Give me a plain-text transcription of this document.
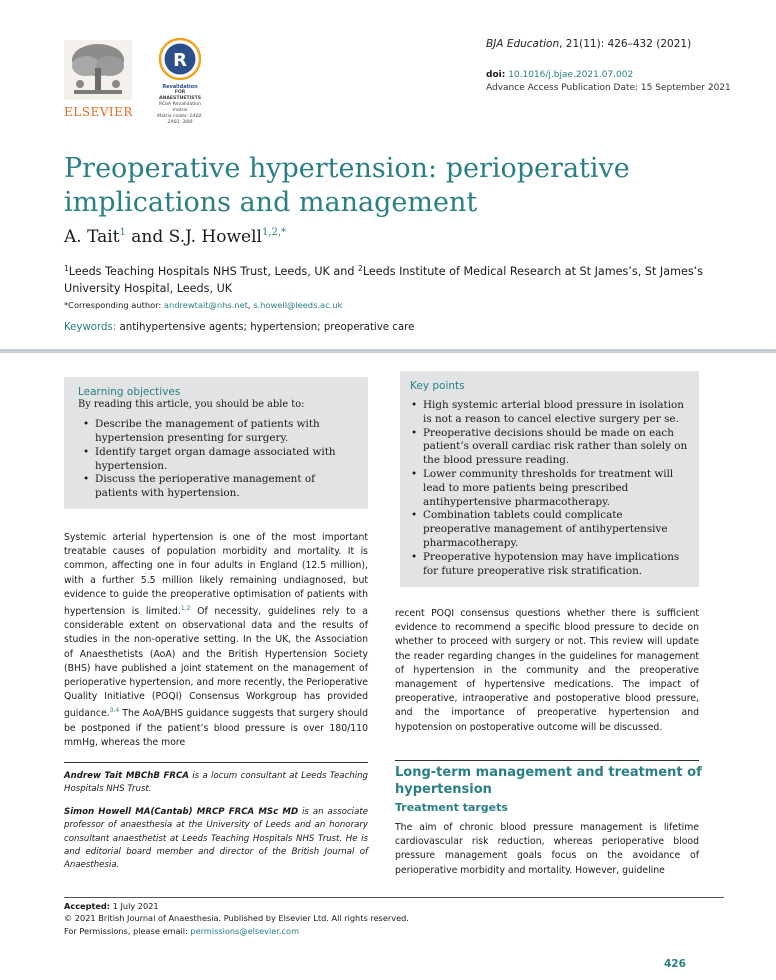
ELSEVIER
R
Revalidation
FOR ANAESTHETISTS
RCoA Revalidation matrix
Matrix codes: 1A02, 2A03, 3I00
BJA Education, 21(11): 426–432 (2021)
doi: 10.1016/j.bjae.2021.07.002
Advance Access Publication Date: 15 September 2021
Preoperative hypertension: perioperative implications and management
A. Tait$^1$ and S.J. Howell$^{1,2,*}$
$^1$Leeds Teaching Hospitals NHS Trust, Leeds, UK and $^2$Leeds Institute of Medical Research at St James’s, St James’s University Hospital, Leeds, UK
*Corresponding author: andrewtait@nhs.net, s.howell@leeds.ac.uk
Keywords: antihypertensive agents; hypertension; preoperative care
Learning objectives
By reading this article, you should be able to:
• Describe the management of patients with hypertension presenting for surgery.
• Identify target organ damage associated with hypertension.
• Discuss the perioperative management of patients with hypertension.
Key points
• High systemic arterial blood pressure in isolation is not a reason to cancel elective surgery per se.
• Preoperative decisions should be made on each patient’s overall cardiac risk rather than solely on the blood pressure reading.
• Lower community thresholds for treatment will lead to more patients being prescribed antihypertensive pharmacotherapy.
• Combination tablets could complicate preoperative management of antihypertensive pharmacotherapy.
• Preoperative hypotension may have implications for future preoperative risk stratification.
Systemic arterial hypertension is one of the most important treatable causes of population morbidity and mortality. It is common, affecting one in four adults in England (12.5 million), with a further 5.5 million likely remaining undiagnosed, but evidence to guide the preoperative optimisation of patients with hypertension is limited.$^{1,2}$ Of necessity, guidelines rely to a considerable extent on observational data and the results of studies in the non-operative setting. In the UK, the Association of Anaesthetists (AoA) and the British Hypertension Society (BHS) have published a joint statement on the management of perioperative hypertension, and more recently, the Perioperative Quality Initiative (POQI) Consensus Workgroup has provided guidance.$^{3,4}$ The AoA/BHS guidance suggests that surgery should be postponed if the patient’s blood pressure is over 180/110 mmHg, whereas the more
recent POQI consensus questions whether there is sufficient evidence to recommend a specific blood pressure to decide on whether to proceed with surgery or not. This review will update the reader regarding changes in the guidelines for management of hypertension in the community and the preoperative management of hypertensive medications. The impact of preoperative, intraoperative and postoperative blood pressure, and the importance of preoperative hypertension and hypotension on postoperative outcome will be discussed.
Andrew Tait MBChB FRCA is a locum consultant at Leeds Teaching Hospitals NHS Trust.
Simon Howell MA(Cantab) MRCP FRCA MSc MD is an associate professor of anaesthesia at the University of Leeds and an honorary consultant anaesthetist at Leeds Teaching Hospitals NHS Trust. He is and editorial board member and director of the British Journal of Anaesthesia.
Long-term management and treatment of hypertension
Treatment targets
The aim of chronic blood pressure management is lifetime cardiovascular risk reduction, whereas perioperative blood pressure management goals focus on the avoidance of perioperative morbidity and mortality. However, guideline
Accepted: 1 July 2021
© 2021 British Journal of Anaesthesia. Published by Elsevier Ltd. All rights reserved.
For Permissions, please email: permissions@elsevier.com
426
